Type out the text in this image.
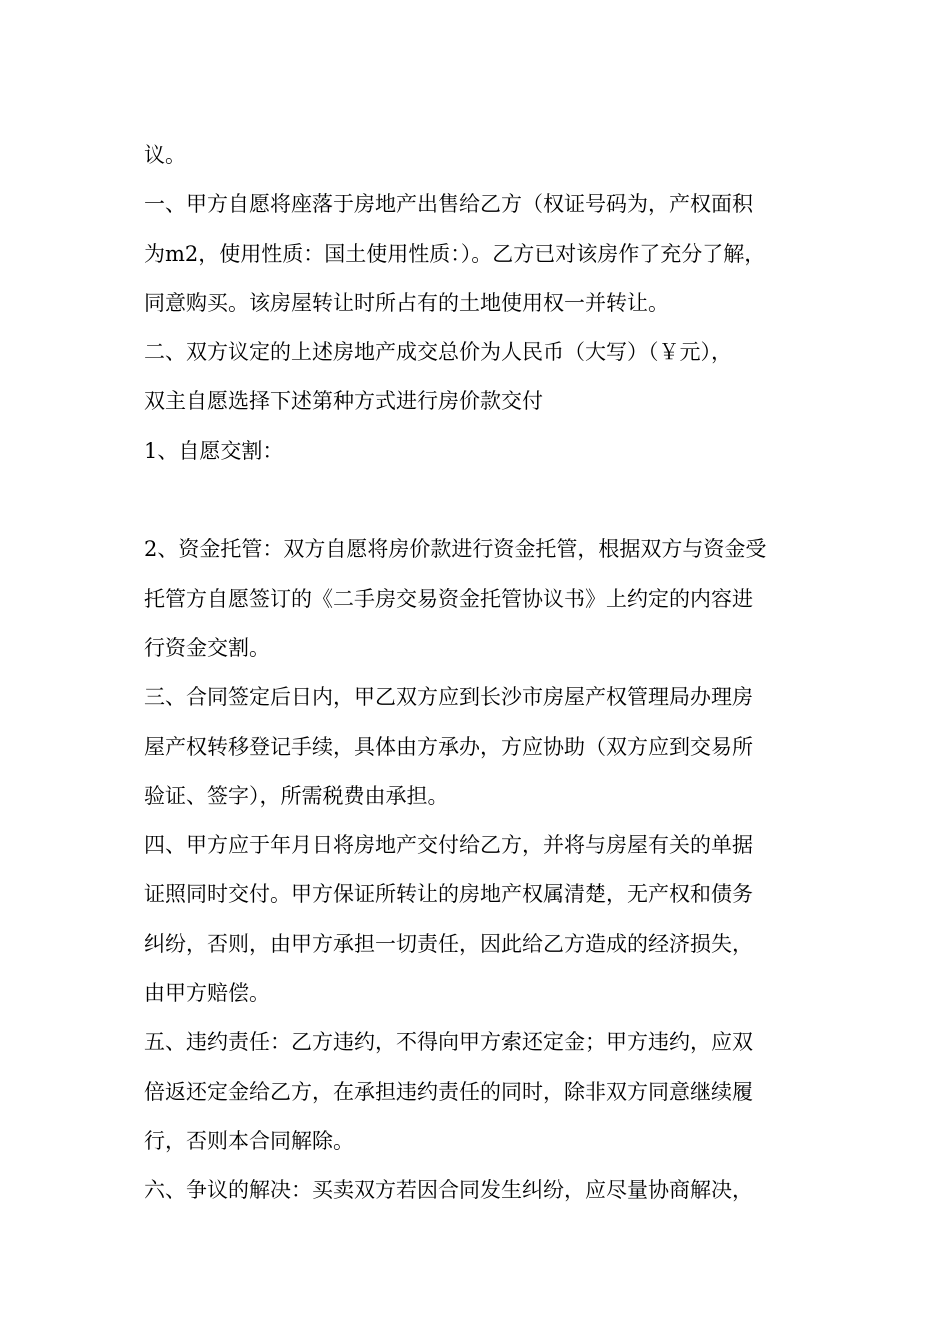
议。
一、甲方自愿将座落于房地产出售给乙方（权证号码为，产权面积
为m2，使用性质：国土使用性质：）。乙方已对该房作了充分了解，
同意购买。该房屋转让时所占有的土地使用权一并转让。
二、双方议定的上述房地产成交总价为人民币（大写）（￥元），
双主自愿选择下述第种方式进行房价款交付
1、自愿交割：
2、资金托管：双方自愿将房价款进行资金托管，根据双方与资金受
托管方自愿签订的《二手房交易资金托管协议书》上约定的内容进
行资金交割。
三、合同签定后日内，甲乙双方应到长沙市房屋产权管理局办理房
屋产权转移登记手续，具体由方承办，方应协助（双方应到交易所
验证、签字），所需税费由承担。
四、甲方应于年月日将房地产交付给乙方，并将与房屋有关的单据
证照同时交付。甲方保证所转让的房地产权属清楚，无产权和债务
纠纷，否则，由甲方承担一切责任，因此给乙方造成的经济损失，
由甲方赔偿。
五、违约责任：乙方违约，不得向甲方索还定金；甲方违约，应双
倍返还定金给乙方，在承担违约责任的同时，除非双方同意继续履
行，否则本合同解除。
六、争议的解决：买卖双方若因合同发生纠纷，应尽量协商解决，
